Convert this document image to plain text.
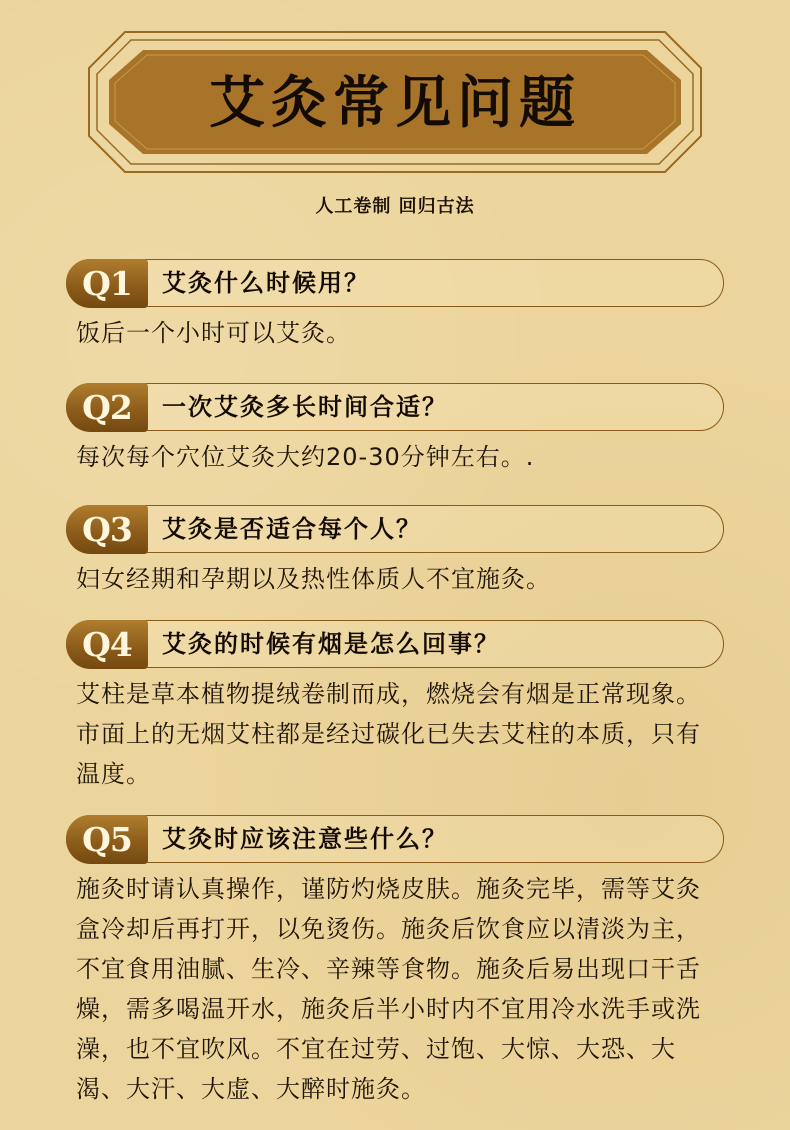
艾灸常见问题
人工卷制 回归古法
Q1	艾灸什么时候用？
饭后一个小时可以艾灸。
Q2	一次艾灸多长时间合适？
每次每个穴位艾灸大约20-30分钟左右。.
Q3	艾灸是否适合每个人？
妇女经期和孕期以及热性体质人不宜施灸。
Q4	艾灸的时候有烟是怎么回事？
艾柱是草本植物提绒卷制而成，燃烧会有烟是正常现象。市面上的无烟艾柱都是经过碳化已失去艾柱的本质，只有温度。
Q5	艾灸时应该注意些什么？
施灸时请认真操作，谨防灼烧皮肤。施灸完毕，需等艾灸盒冷却后再打开，以免烫伤。施灸后饮食应以清淡为主，不宜食用油腻、生冷、辛辣等食物。施灸后易出现口干舌燥，需多喝温开水，施灸后半小时内不宜用冷水洗手或洗澡，也不宜吹风。不宜在过劳、过饱、大惊、大恐、大渴、大汗、大虚、大醉时施灸。
